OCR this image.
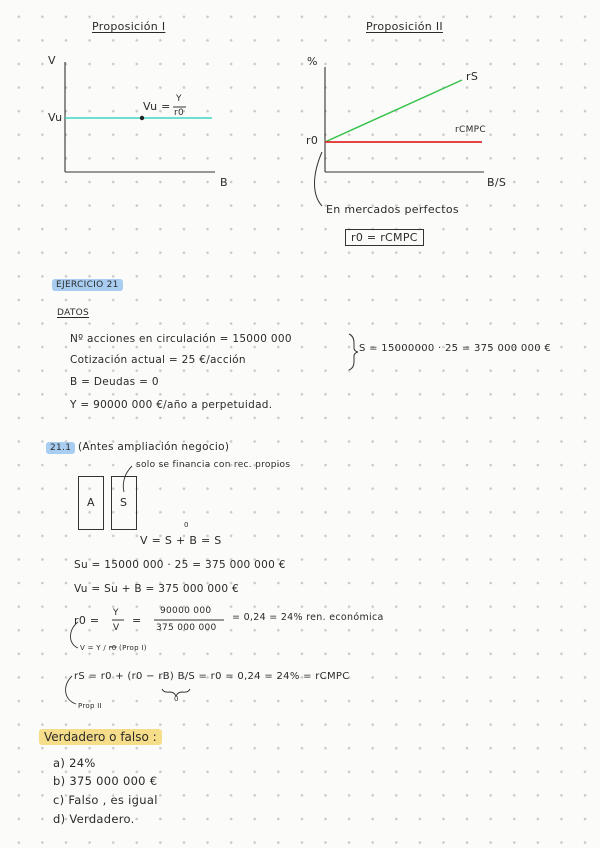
Proposición I
V
B
Vu
Vu =
Y
r0
Proposición II
%
B/S
r0
rS
rCMPC
En mercados perfectos
r0 = rCMPC
EJERCICIO 21
DATOS
Nº acciones en circulación = 15000 000
Cotización actual = 25 €/acción
B = Deudas = 0
Y = 90000 000 €/año a perpetuidad.
S = 15000000 · 25 = 375 000 000 €
21.1 (Antes ampliación negocio)
solo se financia con rec. propios
A S
V = S + B = S
0
Su = 15000 000 · 25 = 375 000 000 €
Vu = Su + B = 375 000 000 €
r0 =
Y
V
=
90000 000
375 000 000
= 0,24 = 24% ren. económica
V = Y / r0 (Prop I)
rS = r0 + (r0 − rB) B/S = r0 = 0,24 = 24% = rCMPC
0
Prop II
Verdadero o falso :
a) 24%
b) 375 000 000 €
c) Falso , es igual
d) Verdadero.
